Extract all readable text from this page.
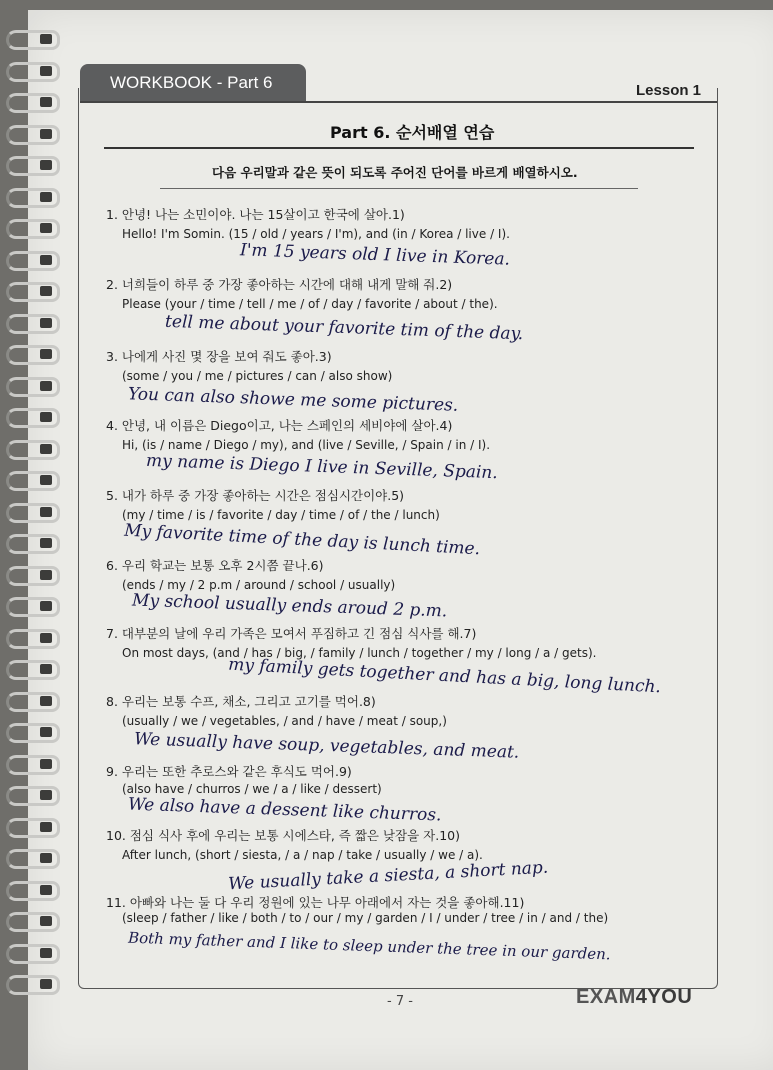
WORKBOOK - Part 6	Lesson 1
Part 6. 순서배열 연습
다음 우리말과 같은 뜻이 되도록 주어진 단어를 바르게 배열하시오.
1. 안녕! 나는 소민이야. 나는 15살이고 한국에 살아.1)
Hello! I'm Somin. (15 / old / years / I'm), and (in / Korea / live / I).
I'm 15 years old I live in Korea.
2. 너희들이 하루 중 가장 좋아하는 시간에 대해 내게 말해 줘.2)
Please (your / time / tell / me / of / day / favorite / about / the).
tell me about your favorite tim of the day.
3. 나에게 사진 몇 장을 보여 줘도 좋아.3)
(some / you / me / pictures / can / also show)
You can also showe me some pictures.
4. 안녕, 내 이름은 Diego이고, 나는 스페인의 세비야에 살아.4)
Hi, (is / name / Diego / my), and (live / Seville, / Spain / in / I).
my name is Diego I live in Seville, Spain.
5. 내가 하루 중 가장 좋아하는 시간은 점심시간이야.5)
(my / time / is / favorite / day / time / of / the / lunch)
My favorite time of the day is lunch time.
6. 우리 학교는 보통 오후 2시쯤 끝나.6)
(ends / my / 2 p.m / around / school / usually)
My school usually ends aroud 2 p.m.
7. 대부분의 날에 우리 가족은 모여서 푸짐하고 긴 점심 식사를 해.7)
On most days, (and / has / big, / family / lunch / together / my / long / a / gets).
my family gets together and has a big, long lunch.
8. 우리는 보통 수프, 채소, 그리고 고기를 먹어.8)
(usually / we / vegetables, / and / have / meat / soup,)
We usually have soup, vegetables, and meat.
9. 우리는 또한 추로스와 같은 후식도 먹어.9)
(also have / churros / we / a / like / dessert)
We also have a dessent like churros.
10. 점심 식사 후에 우리는 보통 시에스타, 즉 짧은 낮잠을 자.10)
After lunch, (short / siesta, / a / nap / take / usually / we / a).
We usually take a siesta, a short nap.
11. 아빠와 나는 둘 다 우리 정원에 있는 나무 아래에서 자는 것을 좋아해.11)
(sleep / father / like / both / to / our / my / garden / I / under / tree / in / and / the)
Both my father and I like to sleep under the tree in our garden.
- 7 -	EXAM4YOU
